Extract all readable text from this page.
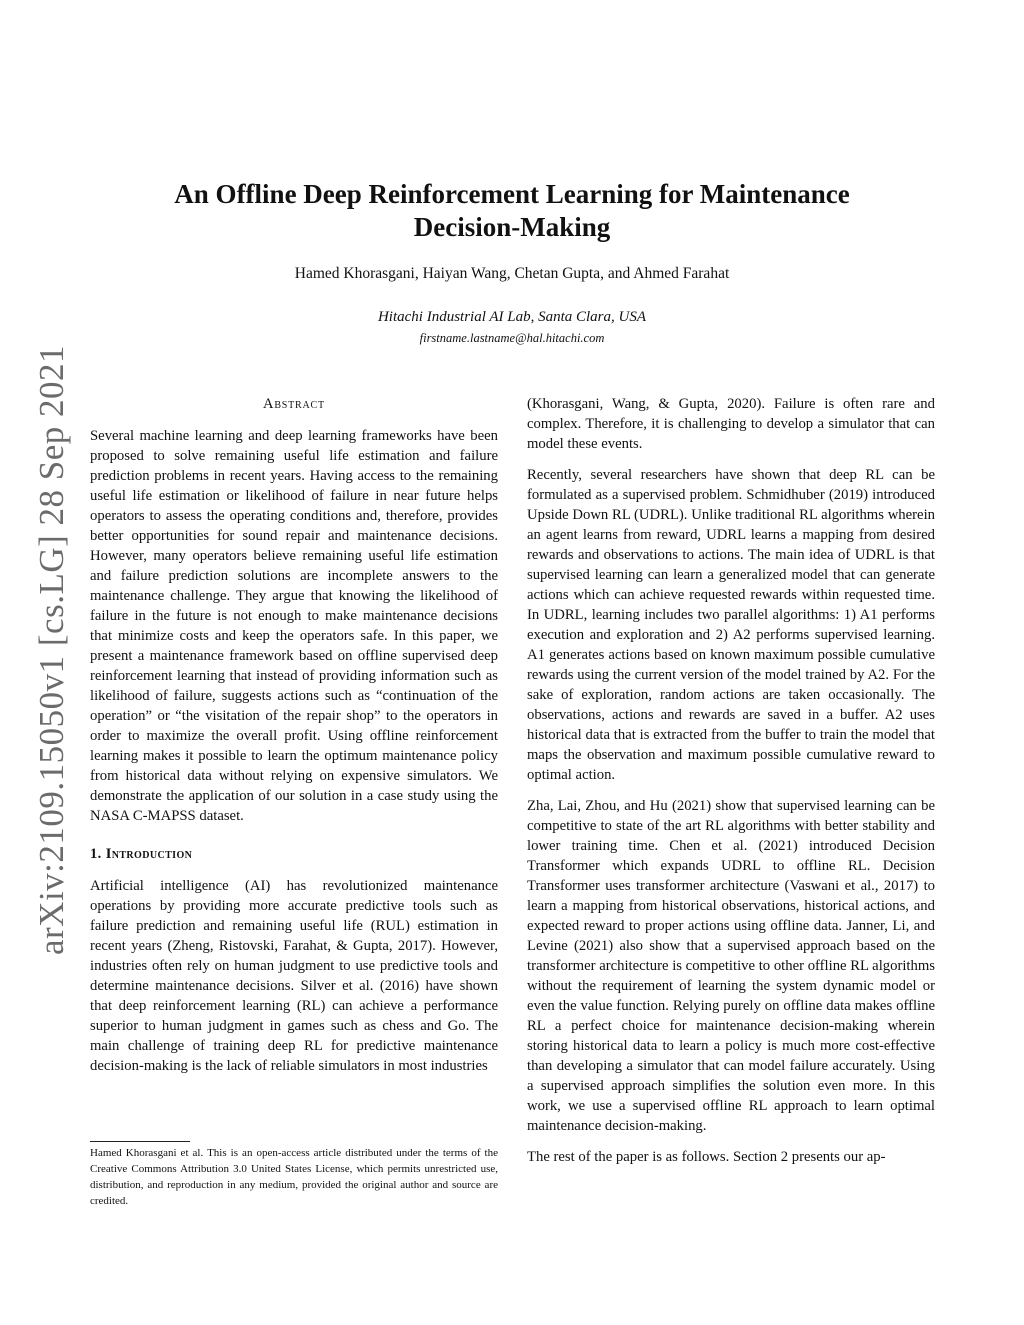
arXiv:2109.15050v1 [cs.LG] 28 Sep 2021
An Offline Deep Reinforcement Learning for Maintenance
Decision-Making
Hamed Khorasgani, Haiyan Wang, Chetan Gupta, and Ahmed Farahat
Hitachi Industrial AI Lab, Santa Clara, USA
firstname.lastname@hal.hitachi.com
Abstract

Several machine learning and deep learning frameworks have been proposed to solve remaining useful life estimation and failure prediction problems in recent years. Having access to the remaining useful life estimation or likelihood of failure in near future helps operators to assess the operating conditions and, therefore, provides better opportunities for sound repair and maintenance decisions. However, many operators believe remaining useful life estimation and failure prediction solutions are incomplete answers to the maintenance challenge. They argue that knowing the likelihood of failure in the future is not enough to make maintenance decisions that minimize costs and keep the operators safe. In this paper, we present a maintenance framework based on offline supervised deep reinforcement learning that instead of providing information such as likelihood of failure, suggests actions such as “continuation of the operation” or “the visitation of the repair shop” to the operators in order to maximize the overall profit. Using offline reinforcement learning makes it possible to learn the optimum maintenance policy from historical data without relying on expensive simulators. We demonstrate the application of our solution in a case study using the NASA C-MAPSS dataset.

1. Introduction

Artificial intelligence (AI) has revolutionized maintenance operations by providing more accurate predictive tools such as failure prediction and remaining useful life (RUL) estimation in recent years (Zheng, Ristovski, Farahat, & Gupta, 2017). However, industries often rely on human judgment to use predictive tools and determine maintenance decisions. Silver et al. (2016) have shown that deep reinforcement learning (RL) can achieve a performance superior to human judgment in games such as chess and Go. The main challenge of training deep RL for predictive maintenance decision-making is the lack of reliable simulators in most industries

(Khorasgani, Wang, & Gupta, 2020). Failure is often rare and complex. Therefore, it is challenging to develop a simulator that can model these events.

Recently, several researchers have shown that deep RL can be formulated as a supervised problem. Schmidhuber (2019) introduced Upside Down RL (UDRL). Unlike traditional RL algorithms wherein an agent learns from reward, UDRL learns a mapping from desired rewards and observations to actions. The main idea of UDRL is that supervised learning can learn a generalized model that can generate actions which can achieve requested rewards within requested time. In UDRL, learning includes two parallel algorithms: 1) A1 performs execution and exploration and 2) A2 performs supervised learning. A1 generates actions based on known maximum possible cumulative rewards using the current version of the model trained by A2. For the sake of exploration, random actions are taken occasionally. The observations, actions and rewards are saved in a buffer. A2 uses historical data that is extracted from the buffer to train the model that maps the observation and maximum possible cumulative reward to optimal action.

Zha, Lai, Zhou, and Hu (2021) show that supervised learning can be competitive to state of the art RL algorithms with better stability and lower training time. Chen et al. (2021) introduced Decision Transformer which expands UDRL to offline RL. Decision Transformer uses transformer architecture (Vaswani et al., 2017) to learn a mapping from historical observations, historical actions, and expected reward to proper actions using offline data. Janner, Li, and Levine (2021) also show that a supervised approach based on the transformer architecture is competitive to other offline RL algorithms without the requirement of learning the system dynamic model or even the value function. Relying purely on offline data makes offline RL a perfect choice for maintenance decision-making wherein storing historical data to learn a policy is much more cost-effective than developing a simulator that can model failure accurately. Using a supervised approach simplifies the solution even more. In this work, we use a supervised offline RL approach to learn optimal maintenance decision-making.

The rest of the paper is as follows. Section 2 presents our ap-

Hamed Khorasgani et al. This is an open-access article distributed under the terms of the Creative Commons Attribution 3.0 United States License, which permits unrestricted use, distribution, and reproduction in any medium, provided the original author and source are credited.
